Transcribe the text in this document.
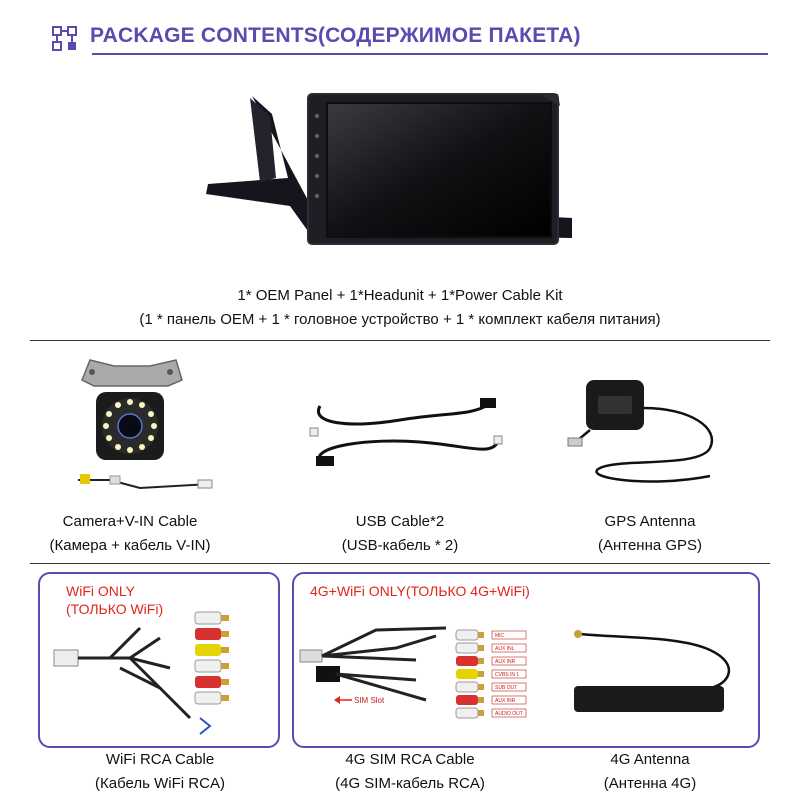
PACKAGE CONTENTS(СОДЕРЖИМОЕ ПАКЕТА)
1* OEM Panel + 1*Headunit + 1*Power Cable Kit
(1 * панель OEM + 1 * головное устройство + 1 * комплект кабеля питания)
Camera+V-IN Cable
(Камера + кабель V-IN)
USB Cable*2
(USB-кабель * 2)
GPS Antenna
(Антенна GPS)
WiFi ONLY
(ТОЛЬКО WiFi)
WiFi RCA Cable
(Кабель WiFi RCA)
4G+WiFi ONLY(ТОЛЬКО 4G+WiFi)
MIC
AUX INL
AUX INR
CVBS IN 1
SUB OUT
AUX INR
AUDIO OUT
SIM Slot
4G SIM RCA Cable
(4G SIM-кабель RCA)
4G Antenna
(Антенна 4G)
